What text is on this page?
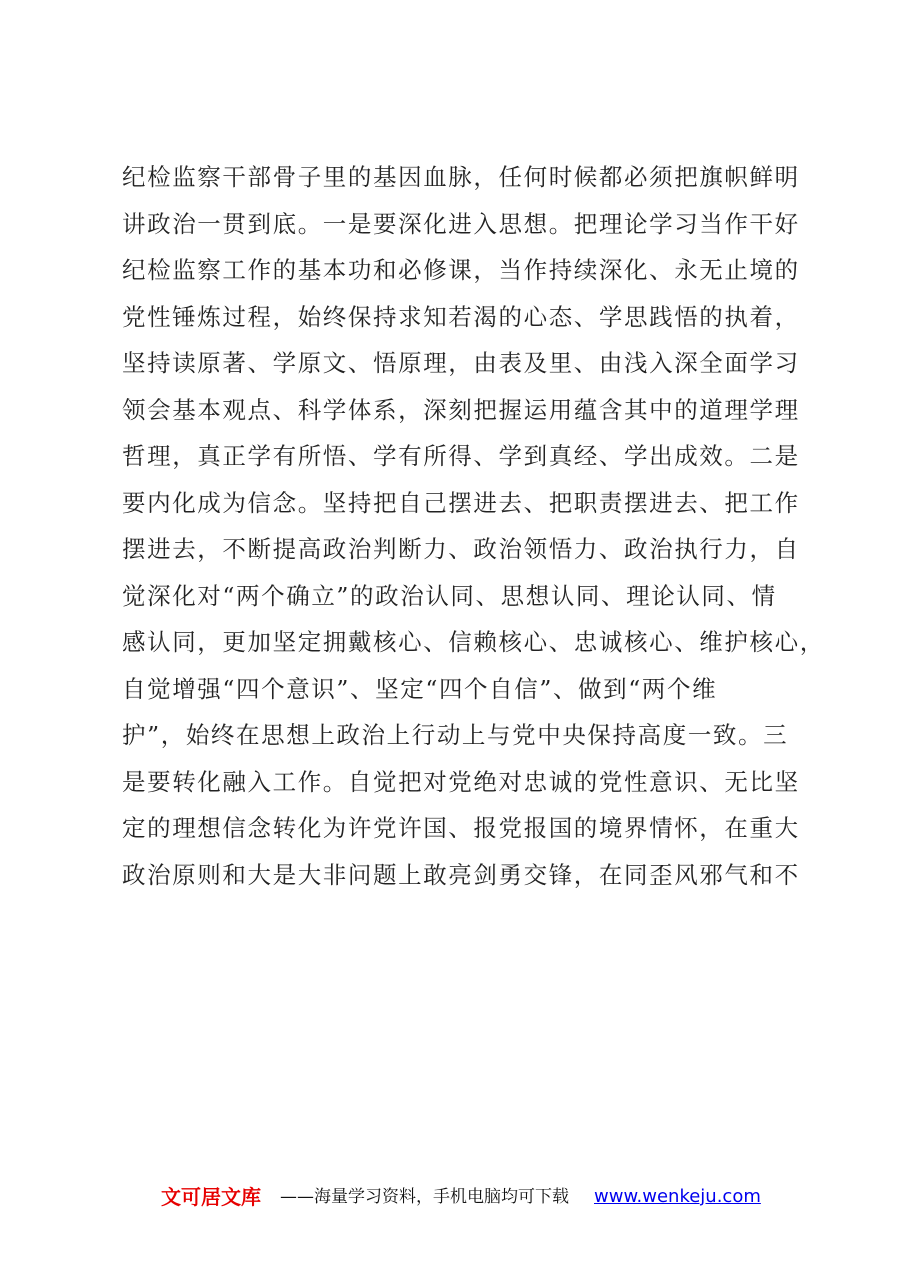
纪检监察干部骨子里的基因血脉，任何时候都必须把旗帜鲜明
讲政治一贯到底。一是要深化进入思想。把理论学习当作干好
纪检监察工作的基本功和必修课，当作持续深化、永无止境的
党性锤炼过程，始终保持求知若渴的心态、学思践悟的执着，
坚持读原著、学原文、悟原理，由表及里、由浅入深全面学习
领会基本观点、科学体系，深刻把握运用蕴含其中的道理学理
哲理，真正学有所悟、学有所得、学到真经、学出成效。二是
要内化成为信念。坚持把自己摆进去、把职责摆进去、把工作
摆进去，不断提高政治判断力、政治领悟力、政治执行力，自
觉深化对“两个确立”的政治认同、思想认同、理论认同、情
感认同，更加坚定拥戴核心、信赖核心、忠诚核心、维护核心，
自觉增强“四个意识”、坚定“四个自信”、做到“两个维
护”，始终在思想上政治上行动上与党中央保持高度一致。三
是要转化融入工作。自觉把对党绝对忠诚的党性意识、无比坚
定的理想信念转化为许党许国、报党报国的境界情怀，在重大
政治原则和大是大非问题上敢亮剑勇交锋，在同歪风邪气和不
文可居文库 ——海量学习资料，手机电脑均可下载 www.wenkeju.com
